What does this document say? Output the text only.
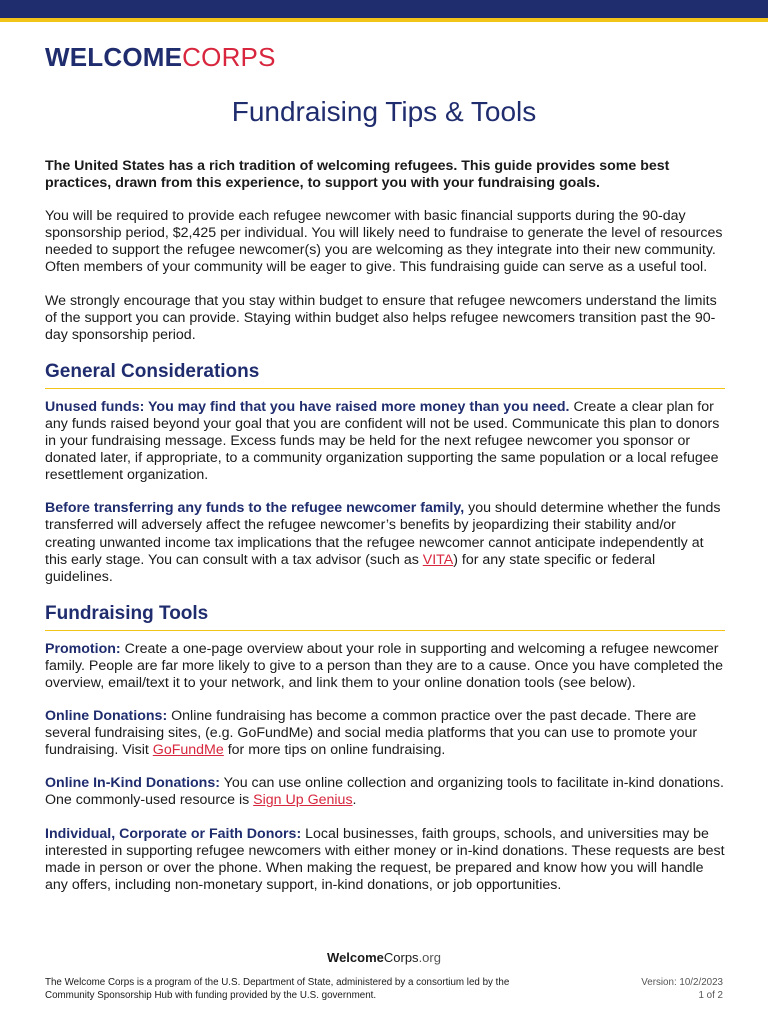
WELCOMECORPS
Fundraising Tips & Tools

The United States has a rich tradition of welcoming refugees. This guide provides some best practices, drawn from this experience, to support you with your fundraising goals.

You will be required to provide each refugee newcomer with basic financial supports during the 90-day sponsorship period, $2,425 per individual. You will likely need to fundraise to generate the level of resources needed to support the refugee newcomer(s) you are welcoming as they integrate into their new community. Often members of your community will be eager to give. This fundraising guide can serve as a useful tool.

We strongly encourage that you stay within budget to ensure that refugee newcomers understand the limits of the support you can provide. Staying within budget also helps refugee newcomers transition past the 90-day sponsorship period.

General Considerations

Unused funds: You may find that you have raised more money than you need. Create a clear plan for any funds raised beyond your goal that you are confident will not be used. Communicate this plan to donors in your fundraising message. Excess funds may be held for the next refugee newcomer you sponsor or donated later, if appropriate, to a community organization supporting the same population or a local refugee resettlement organization.

Before transferring any funds to the refugee newcomer family, you should determine whether the funds transferred will adversely affect the refugee newcomer’s benefits by jeopardizing their stability and/or creating unwanted income tax implications that the refugee newcomer cannot anticipate independently at this early stage. You can consult with a tax advisor (such as VITA) for any state specific or federal guidelines.

Fundraising Tools

Promotion: Create a one-page overview about your role in supporting and welcoming a refugee newcomer family. People are far more likely to give to a person than they are to a cause. Once you have completed the overview, email/text it to your network, and link them to your online donation tools (see below).

Online Donations: Online fundraising has become a common practice over the past decade. There are several fundraising sites, (e.g. GoFundMe) and social media platforms that you can use to promote your fundraising. Visit GoFundMe for more tips on online fundraising.

Online In-Kind Donations: You can use online collection and organizing tools to facilitate in-kind donations. One commonly-used resource is Sign Up Genius.

Individual, Corporate or Faith Donors: Local businesses, faith groups, schools, and universities may be interested in supporting refugee newcomers with either money or in-kind donations. These requests are best made in person or over the phone. When making the request, be prepared and know how you will handle any offers, including non-monetary support, in-kind donations, or job opportunities.

WelcomeCorps.org
The Welcome Corps is a program of the U.S. Department of State, administered by a consortium led by the Community Sponsorship Hub with funding provided by the U.S. government.
Version: 10/2/2023
1 of 2
